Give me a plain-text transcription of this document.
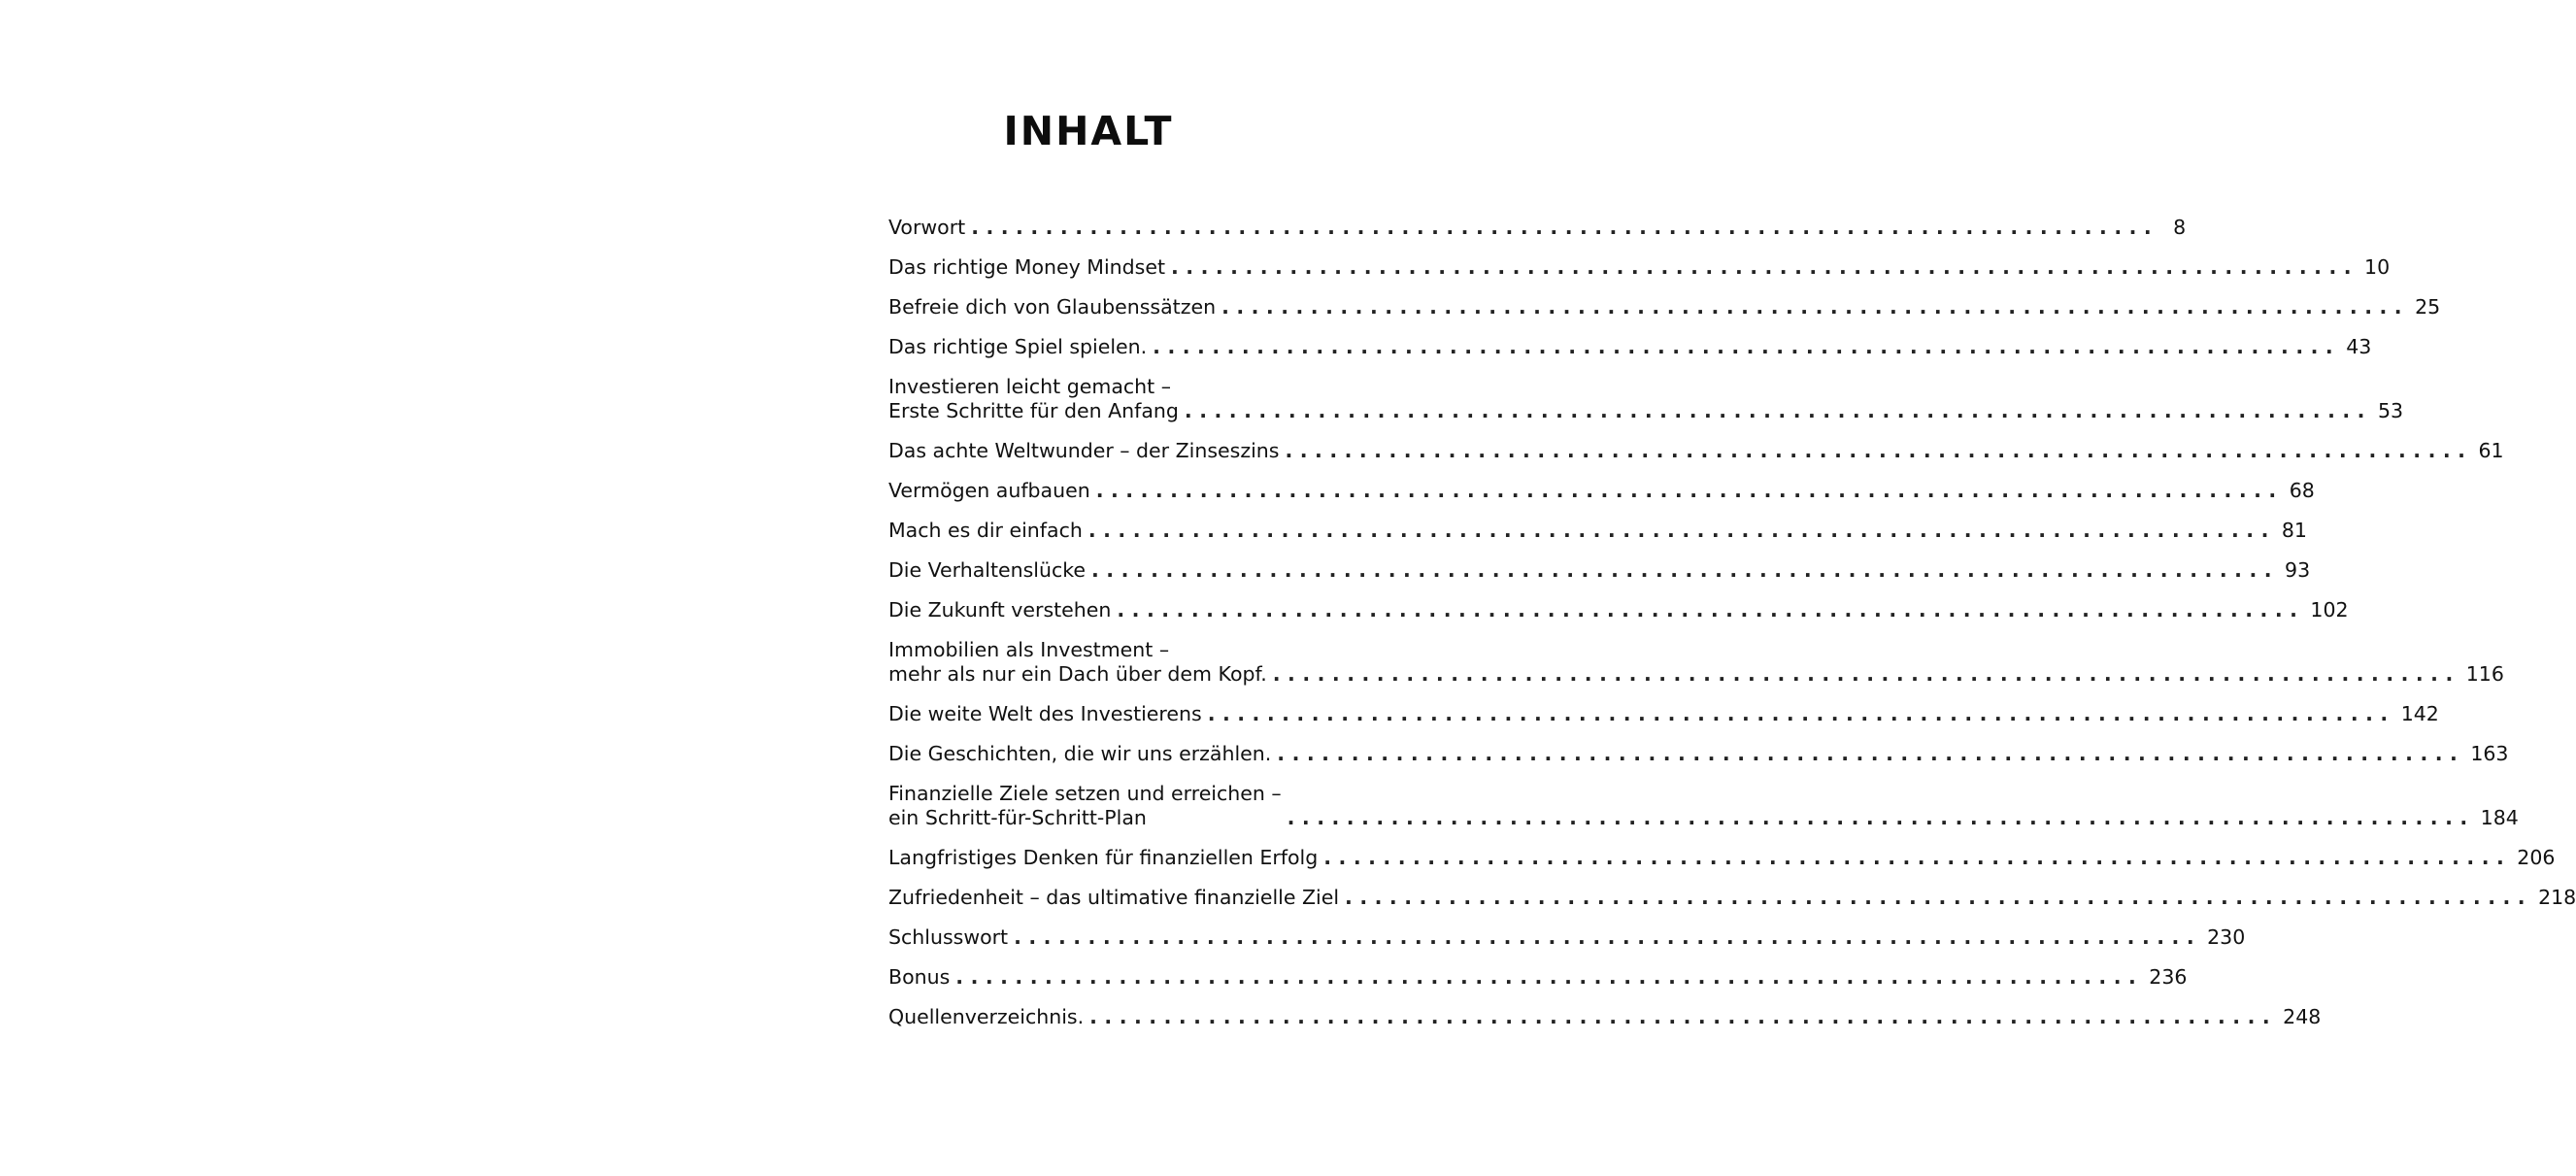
INHALT
Vorwort ................................................................................ 8
Das richtige Money Mindset ................................................................................ 10
Befreie dich von Glaubenssätzen ................................................................................ 25
Das richtige Spiel spielen. ................................................................................ 43
Investieren leicht gemacht –
Erste Schritte für den Anfang ................................................................................ 53
Das achte Weltwunder – der Zinseszins ................................................................................ 61
Vermögen aufbauen ................................................................................ 68
Mach es dir einfach ................................................................................ 81
Die Verhaltenslücke ................................................................................ 93
Die Zukunft verstehen ................................................................................ 102
Immobilien als Investment –
mehr als nur ein Dach über dem Kopf. ................................................................................ 116
Die weite Welt des Investierens ................................................................................ 142
Die Geschichten, die wir uns erzählen. ................................................................................ 163
Finanzielle Ziele setzen und erreichen –
ein Schritt-für-Schritt-Plan	................................................................................ 184
Langfristiges Denken für finanziellen Erfolg ................................................................................ 206
Zufriedenheit – das ultimative finanzielle Ziel ................................................................................ 218
Schlusswort ................................................................................ 230
Bonus ................................................................................ 236
Quellenverzeichnis. ................................................................................ 248
